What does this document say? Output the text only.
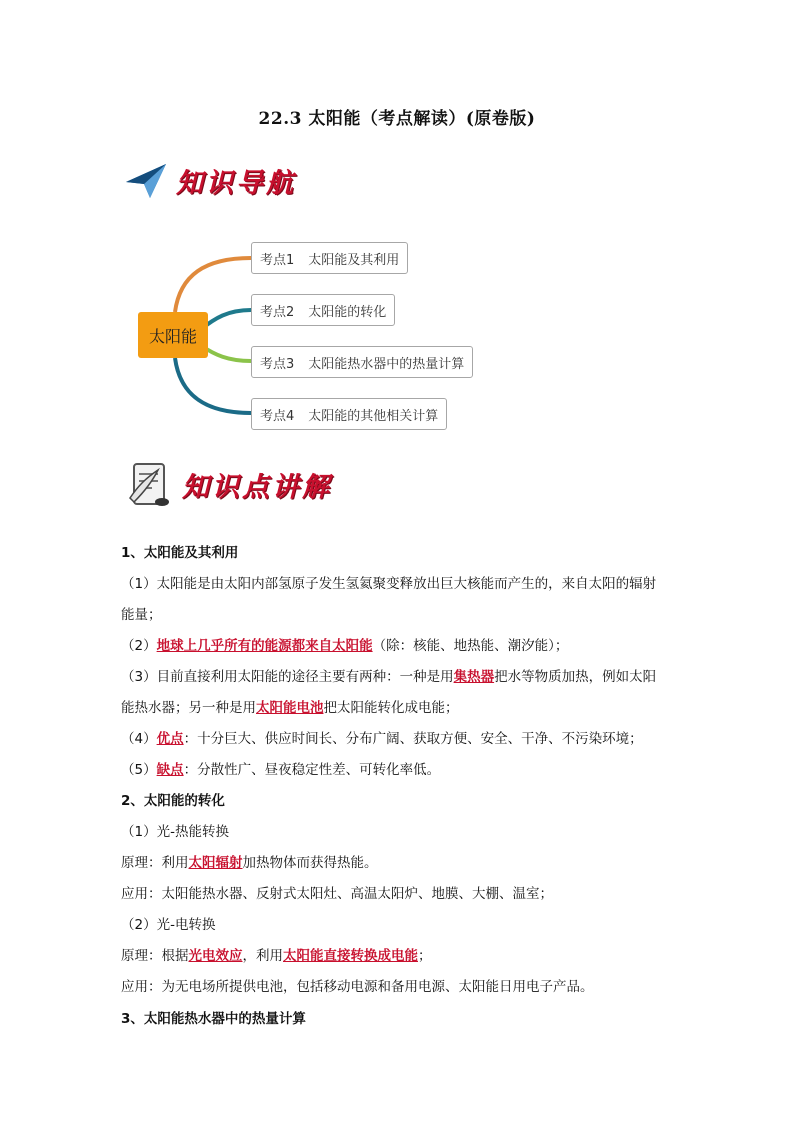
22.3 太阳能（考点解读）(原卷版)
知识导航
太阳能
考点1 太阳能及其利用
考点2 太阳能的转化
考点3 太阳能热水器中的热量计算
考点4 太阳能的其他相关计算
知识点讲解
1、太阳能及其利用
（1）太阳能是由太阳内部氢原子发生氢氦聚变释放出巨大核能而产生的，来自太阳的辐射
能量；
（2）地球上几乎所有的能源都来自太阳能（除：核能、地热能、潮汐能）；
（3）目前直接利用太阳能的途径主要有两种：一种是用集热器把水等物质加热，例如太阳
能热水器；另一种是用太阳能电池把太阳能转化成电能；
（4）优点：十分巨大、供应时间长、分布广阔、获取方便、安全、干净、不污染环境；
（5）缺点：分散性广、昼夜稳定性差、可转化率低。
2、太阳能的转化
（1）光-热能转换
原理：利用太阳辐射加热物体而获得热能。
应用：太阳能热水器、反射式太阳灶、高温太阳炉、地膜、大棚、温室；
（2）光-电转换
原理：根据光电效应，利用太阳能直接转换成电能；
应用：为无电场所提供电池，包括移动电源和备用电源、太阳能日用电子产品。
3、太阳能热水器中的热量计算
